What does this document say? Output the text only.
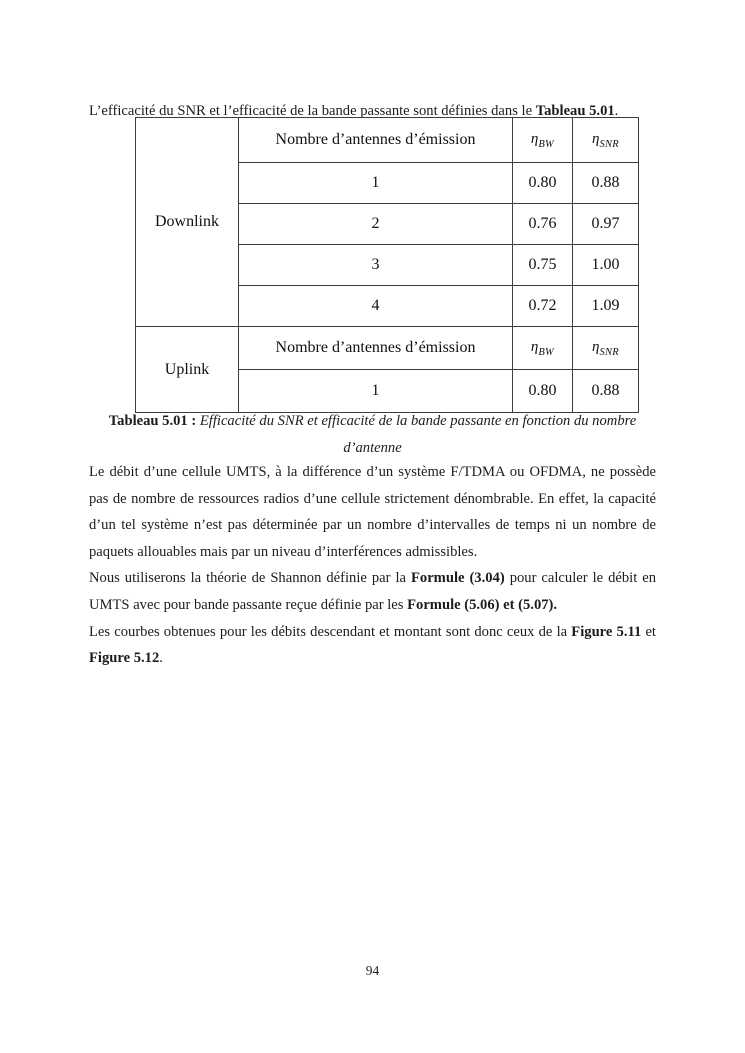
L’efficacité du SNR et l’efficacité de la bande passante sont définies dans le Tableau 5.01.

Downlink	Nombre d’antennes d’émission	$\eta_{BW}$	$\eta_{SNR}$
	1	0.80	0.88
	2	0.76	0.97
	3	0.75	1.00
	4	0.72	1.09
Uplink	Nombre d’antennes d’émission	$\eta_{BW}$	$\eta_{SNR}$
	1	0.80	0.88
Tableau 5.01 : Efficacité du SNR et efficacité de la bande passante en fonction du nombre
d’antenne

Le débit d’une cellule UMTS, à la différence d’un système F/TDMA ou OFDMA, ne possède pas de nombre de ressources radios d’une cellule strictement dénombrable. En effet, la capacité d’un tel système n’est pas déterminée par un nombre d’intervalles de temps ni un nombre de paquets allouables mais par un niveau d’interférences admissibles.

Nous utiliserons la théorie de Shannon définie par la Formule (3.04) pour calculer le débit en UMTS avec pour bande passante reçue définie par les Formule (5.06) et (5.07).

Les courbes obtenues pour les débits descendant et montant sont donc ceux de la Figure 5.11 et Figure 5.12.

94
